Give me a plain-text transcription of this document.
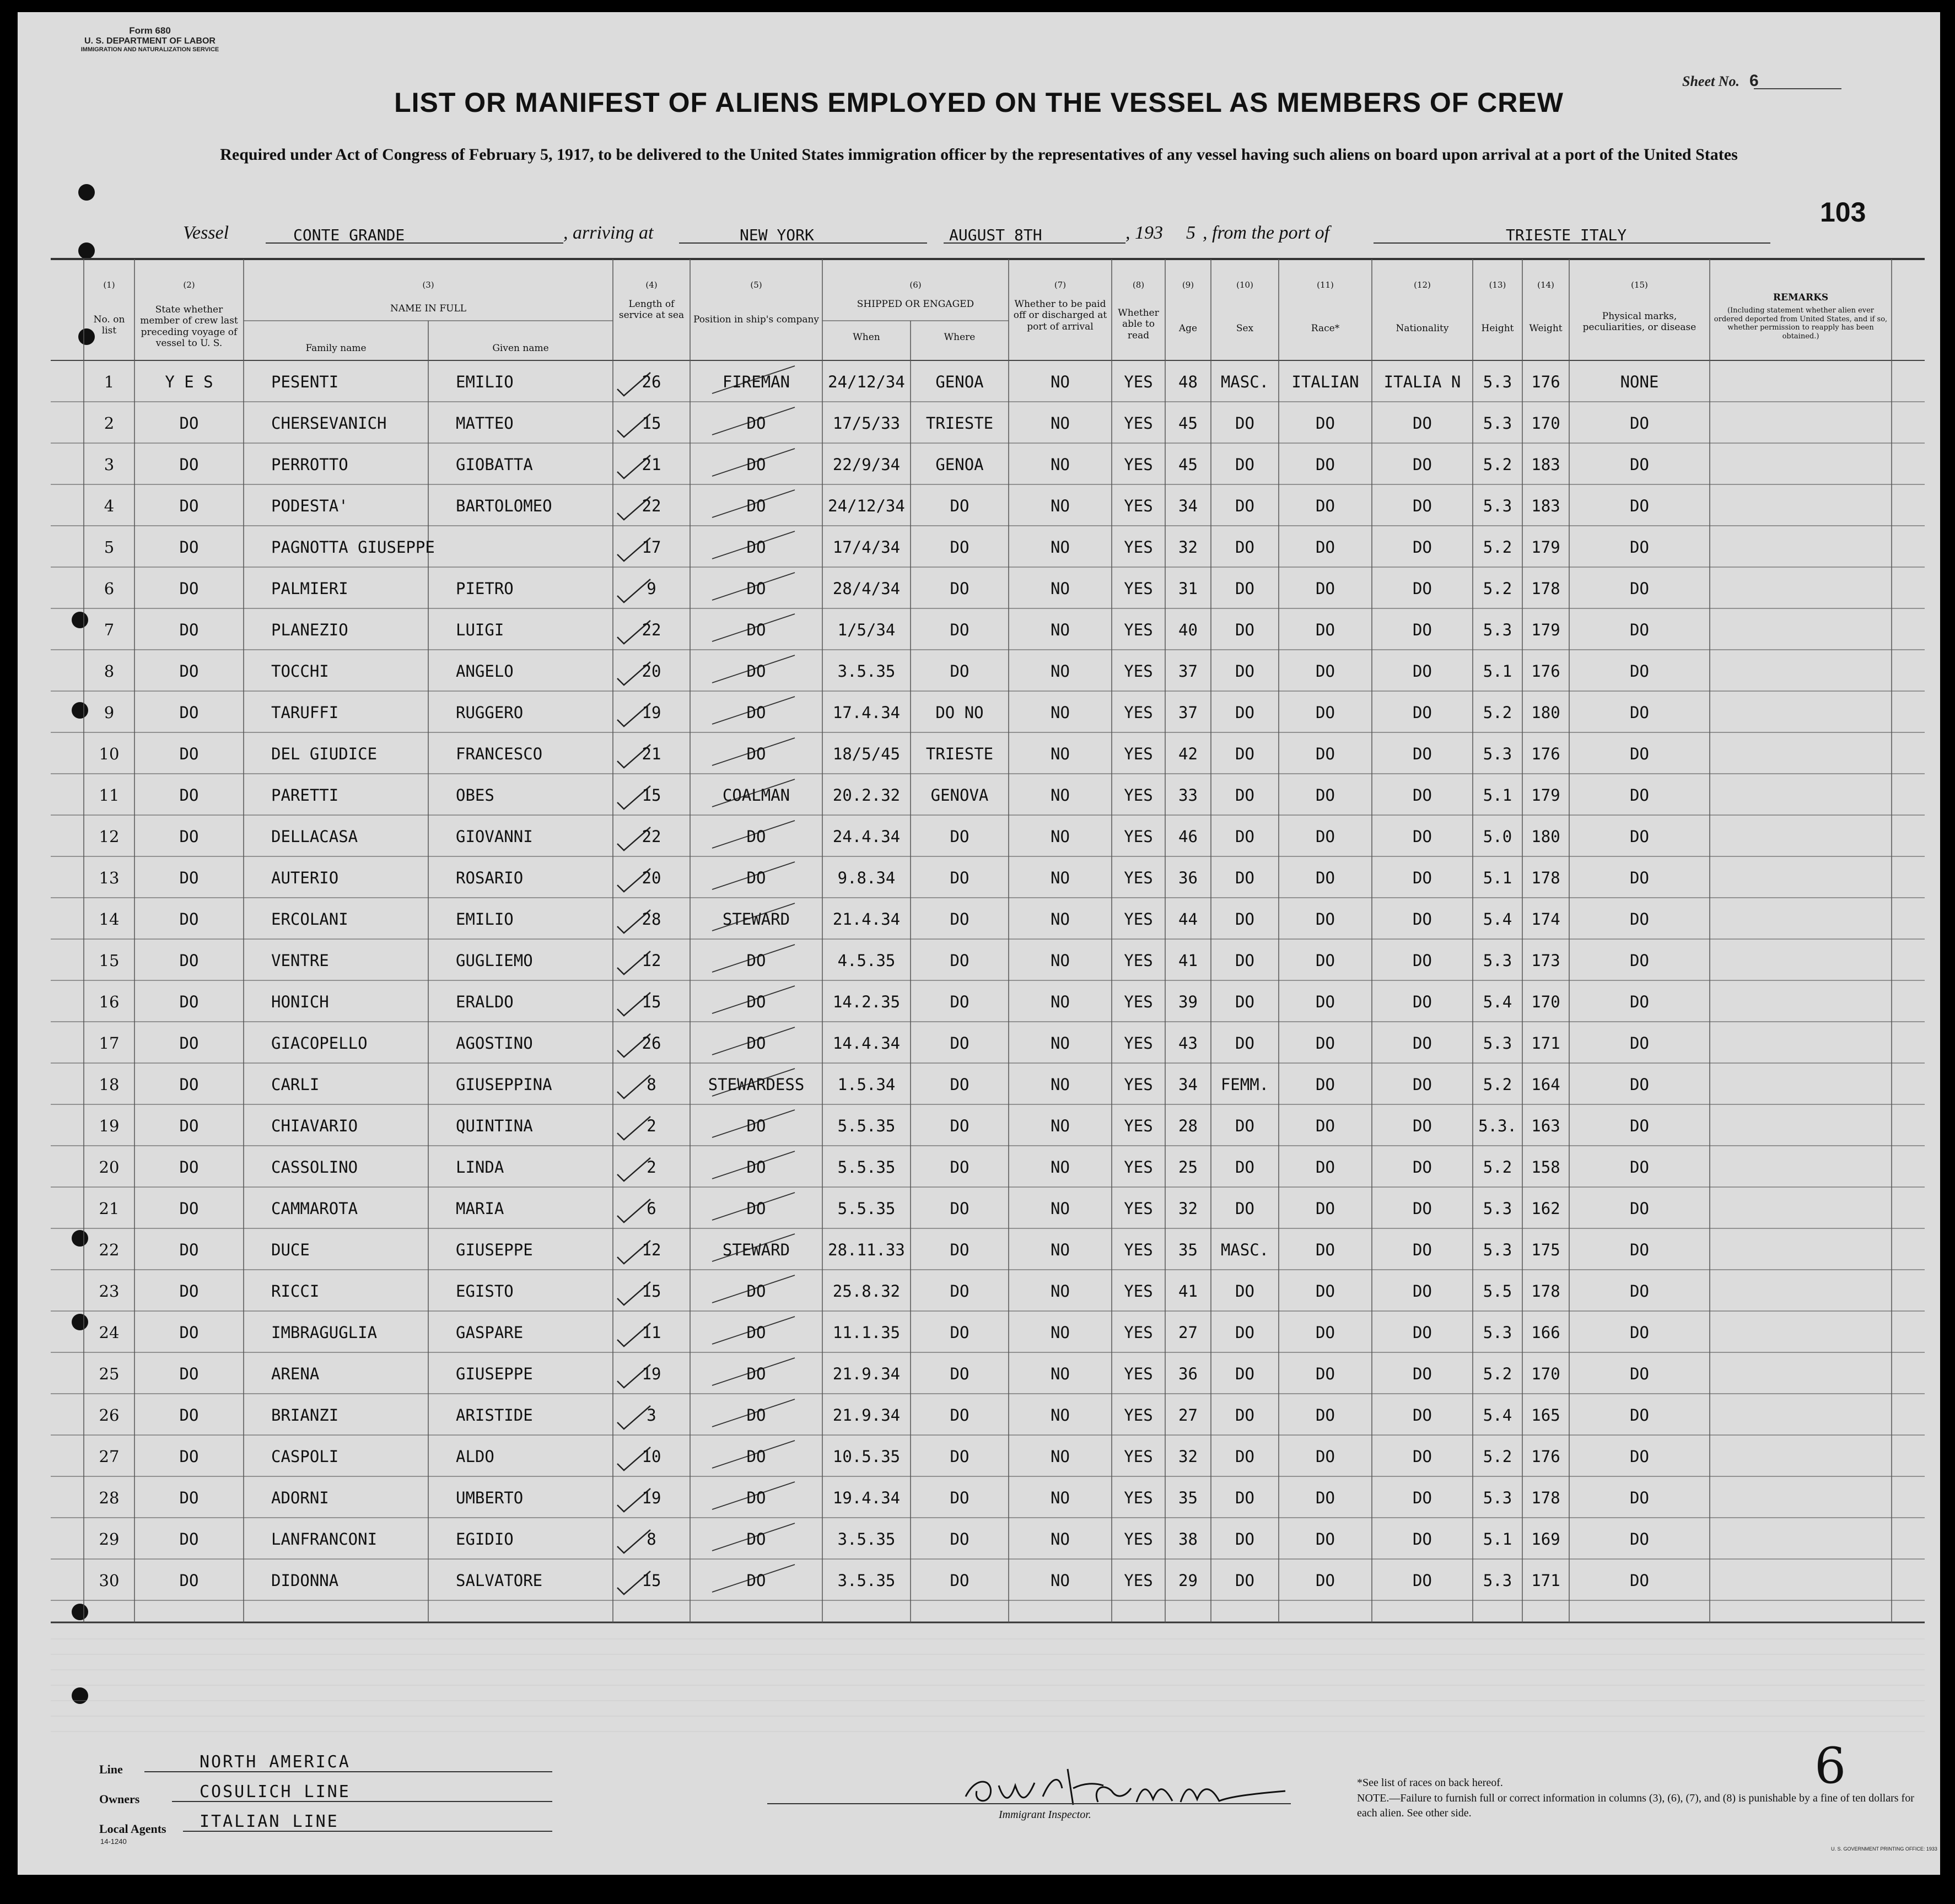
Form 680
U. S. DEPARTMENT OF LABOR
IMMIGRATION AND NATURALIZATION SERVICE
Sheet No. 6
LIST OR MANIFEST OF ALIENS EMPLOYED ON THE VESSEL AS MEMBERS OF CREW
Required under Act of Congress of February 5, 1917, to be delivered to the United States immigration officer by the representatives of any vessel having such aliens on board upon arrival at a port of the United States
103
Vessel	CONTE GRANDE	, arriving at	NEW YORK	AUGUST 8TH	, 193 5 , from the port of	TRIESTE ITALY
(1)
No. on list
(2)
State whether member of crew last preceding voyage of vessel to U. S.
(3)
NAME IN FULL
Family name	Given name
(4)
Length of service at sea
(5)
Position in ship's company
(6)
SHIPPED OR ENGAGED
When	Where
(7)
Whether to be paid off or discharged at port of arrival
(8)
Whether able to read
(9)
Age
(10)
Sex
(11)
Race*
(12)
Nationality
(13)
Height
(14)
Weight
(15)
Physical marks, peculiarities, or disease
REMARKS
(Including statement whether alien ever ordered deported from United States, and if so, whether permission to reapply has been obtained.)
1	Y E S	PESENTI	EMILIO	26	FIREMAN	24/12/34	GENOA	NO	YES	48	MASC.	ITALIAN	ITALIA N	5.3	176	NONE
2	DO	CHERSEVANICH	MATTEO	15	DO	17/5/33	TRIESTE	NO	YES	45	DO	DO	DO	5.3	170	DO
3	DO	PERROTTO	GIOBATTA	21	DO	22/9/34	GENOA	NO	YES	45	DO	DO	DO	5.2	183	DO
4	DO	PODESTA'	BARTOLOMEO	22	DO	24/12/34	DO	NO	YES	34	DO	DO	DO	5.3	183	DO
5	DO	PAGNOTTA GIUSEPPE	17	DO	17/4/34	DO	NO	YES	32	DO	DO	DO	5.2	179	DO
6	DO	PALMIERI	PIETRO	9	DO	28/4/34	DO	NO	YES	31	DO	DO	DO	5.2	178	DO
7	DO	PLANEZIO	LUIGI	22	DO	1/5/34	DO	NO	YES	40	DO	DO	DO	5.3	179	DO
8	DO	TOCCHI	ANGELO	20	DO	3.5.35	DO	NO	YES	37	DO	DO	DO	5.1	176	DO
9	DO	TARUFFI	RUGGERO	19	DO	17.4.34	DO NO	NO	YES	37	DO	DO	DO	5.2	180	DO
10	DO	DEL GIUDICE	FRANCESCO	21	DO	18/5/45	TRIESTE	NO	YES	42	DO	DO	DO	5.3	176	DO
11	DO	PARETTI	OBES	15	COALMAN	20.2.32	GENOVA	NO	YES	33	DO	DO	DO	5.1	179	DO
12	DO	DELLACASA	GIOVANNI	22	DO	24.4.34	DO	NO	YES	46	DO	DO	DO	5.0	180	DO
13	DO	AUTERIO	ROSARIO	20	DO	9.8.34	DO	NO	YES	36	DO	DO	DO	5.1	178	DO
14	DO	ERCOLANI	EMILIO	28	STEWARD	21.4.34	DO	NO	YES	44	DO	DO	DO	5.4	174	DO
15	DO	VENTRE	GUGLIEMO	12	DO	4.5.35	DO	NO	YES	41	DO	DO	DO	5.3	173	DO
16	DO	HONICH	ERALDO	15	DO	14.2.35	DO	NO	YES	39	DO	DO	DO	5.4	170	DO
17	DO	GIACOPELLO	AGOSTINO	26	DO	14.4.34	DO	NO	YES	43	DO	DO	DO	5.3	171	DO
18	DO	CARLI	GIUSEPPINA	8	STEWARDESS	1.5.34	DO	NO	YES	34	FEMM.	DO	DO	5.2	164	DO
19	DO	CHIAVARIO	QUINTINA	2	DO	5.5.35	DO	NO	YES	28	DO	DO	DO	5.3. 163	DO
20	DO	CASSOLINO	LINDA	2	DO	5.5.35	DO	NO	YES	25	DO	DO	DO	5.2	158	DO
21	DO	CAMMAROTA	MARIA	6	DO	5.5.35	DO	NO	YES	32	DO	DO	DO	5.3	162	DO
22	DO	DUCE	GIUSEPPE	12	STEWARD	28.11.33	DO	NO	YES	35	MASC.	DO	DO	5.3	175	DO
23	DO	RICCI	EGISTO	15	DO	25.8.32	DO	NO	YES	41	DO	DO	DO	5.5	178	DO
24	DO	IMBRAGUGLIA	GASPARE	11	DO	11.1.35	DO	NO	YES	27	DO	DO	DO	5.3	166	DO
25	DO	ARENA	GIUSEPPE	19	DO	21.9.34	DO	NO	YES	36	DO	DO	DO	5.2	170	DO
26	DO	BRIANZI	ARISTIDE	3	DO	21.9.34	DO	NO	YES	27	DO	DO	DO	5.4	165	DO
27	DO	CASPOLI	ALDO	10	DO	10.5.35	DO	NO	YES	32	DO	DO	DO	5.2	176	DO
28	DO	ADORNI	UMBERTO	19	DO	19.4.34	DO	NO	YES	35	DO	DO	DO	5.3	178	DO
29	DO	LANFRANCONI	EGIDIO	8	DO	3.5.35	DO	NO	YES	38	DO	DO	DO	5.1	169	DO
30	DO	DIDONNA	SALVATORE	15	DO	3.5.35	DO	NO	YES	29	DO	DO	DO	5.3	171	DO
Line	NORTH AMERICA
Owners	COSULICH LINE
Local Agents ITALIAN LINE
14-1240
O W Henn
Immigrant Inspector.
*See list of races on back hereof.
NOTE.—Failure to furnish full or correct information in columns (3), (6), (7), and (8) is punishable by a fine of ten dollars for each alien. See other side.
6
U. S. GOVERNMENT PRINTING OFFICE: 1933
